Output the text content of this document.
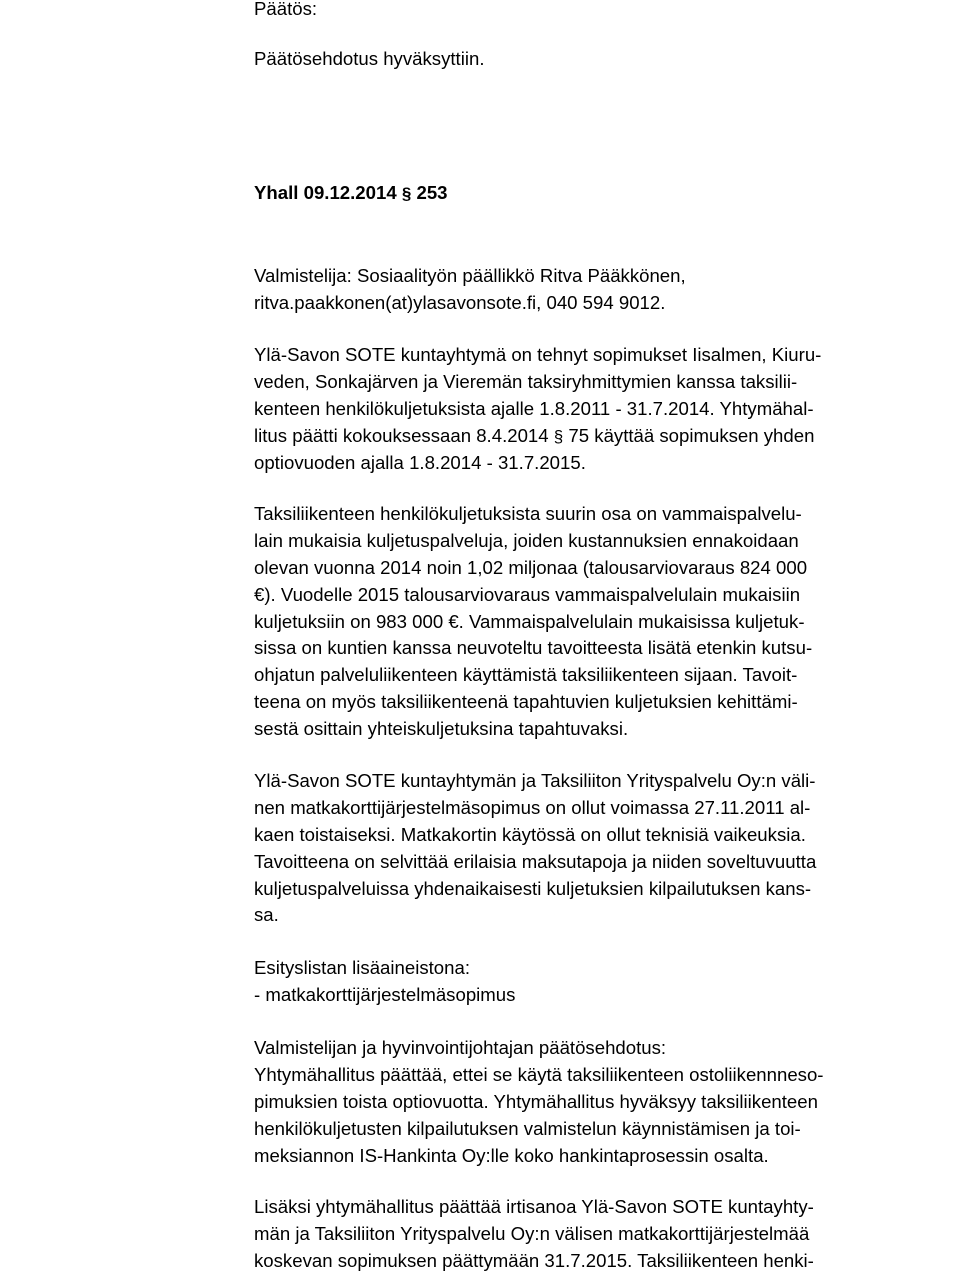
Päätös:
Päätösehdotus hyväksyttiin.
Yhall 09.12.2014 § 253
Valmistelija: Sosiaalityön päällikkö Ritva Pääkkönen,
ritva.paakkonen(at)ylasavonsote.fi, 040 594 9012.
Ylä-Savon SOTE kuntayhtymä on tehnyt sopimukset Iisalmen, Kiuru-
veden, Sonkajärven ja Vieremän taksiryhmittymien kanssa taksilii-
kenteen henkilökuljetuksista ajalle 1.8.2011 - 31.7.2014. Yhtymähal-
litus päätti kokouksessaan 8.4.2014 § 75 käyttää sopimuksen yhden
optiovuoden ajalla 1.8.2014 - 31.7.2015.
Taksiliikenteen henkilökuljetuksista suurin osa on vammaispalvelu-
lain mukaisia kuljetuspalveluja, joiden kustannuksien ennakoidaan
olevan vuonna 2014 noin 1,02 miljonaa (talousarviovaraus 824 000
€). Vuodelle 2015 talousarviovaraus vammaispalvelulain mukaisiin
kuljetuksiin on 983 000 €. Vammaispalvelulain mukaisissa kuljetuk-
sissa on kuntien kanssa neuvoteltu tavoitteesta lisätä etenkin kutsu-
ohjatun palveluliikenteen käyttämistä taksiliikenteen sijaan. Tavoit-
teena on myös taksiliikenteenä tapahtuvien kuljetuksien kehittämi-
sestä osittain yhteiskuljetuksina tapahtuvaksi.
Ylä-Savon SOTE kuntayhtymän ja Taksiliiton Yrityspalvelu Oy:n väli-
nen matkakorttijärjestelmäsopimus on ollut voimassa 27.11.2011 al-
kaen toistaiseksi. Matkakortin käytössä on ollut teknisiä vaikeuksia.
Tavoitteena on selvittää erilaisia maksutapoja ja niiden soveltuvuutta
kuljetuspalveluissa yhdenaikaisesti kuljetuksien kilpailutuksen kans-
sa.
Esityslistan lisäaineistona:
- matkakorttijärjestelmäsopimus
Valmistelijan ja hyvinvointijohtajan päätösehdotus:
Yhtymähallitus päättää, ettei se käytä taksiliikenteen ostoliikennneso-
pimuksien toista optiovuotta. Yhtymähallitus hyväksyy taksiliikenteen
henkilökuljetusten kilpailutuksen valmistelun käynnistämisen ja toi-
meksiannon IS-Hankinta Oy:lle koko hankintaprosessin osalta.
Lisäksi yhtymähallitus päättää irtisanoa Ylä-Savon SOTE kuntayhty-
män ja Taksiliiton Yrityspalvelu Oy:n välisen matkakorttijärjestelmää
koskevan sopimuksen päättymään 31.7.2015. Taksiliikenteen henki-
